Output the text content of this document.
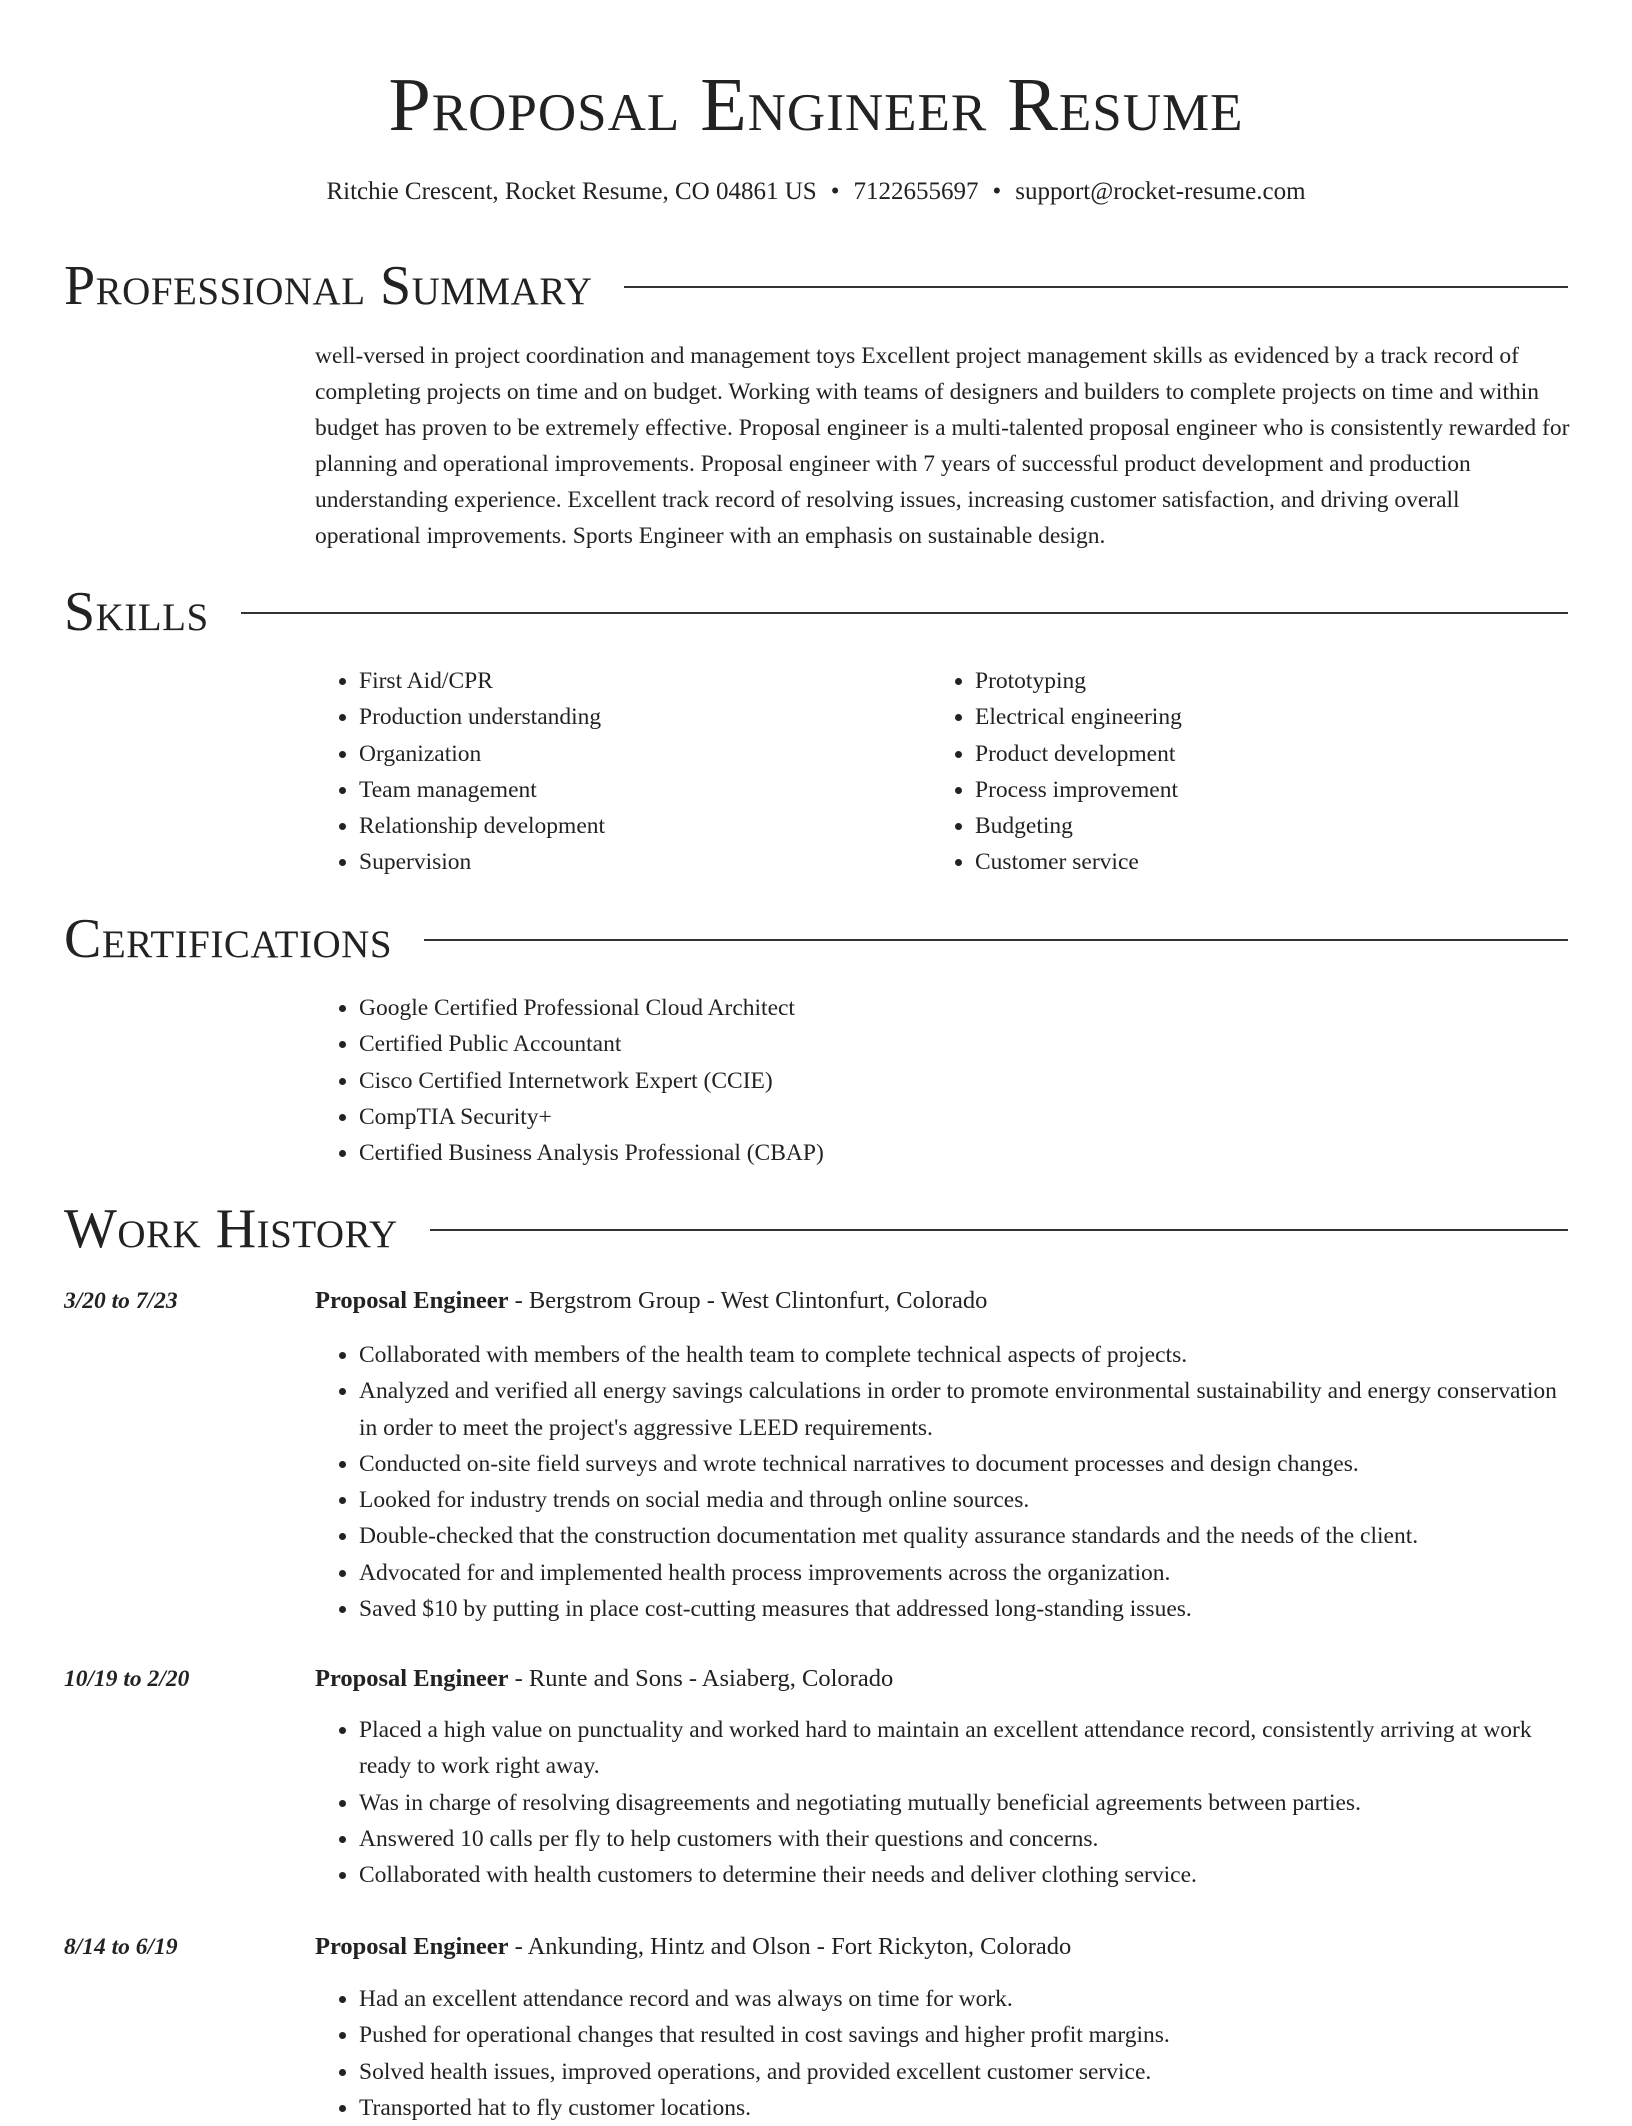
Proposal Engineer Resume
Ritchie Crescent, Rocket Resume, CO 04861 US • 7122655697 • support@rocket-resume.com
Professional Summary

well-versed in project coordination and management toys Excellent project management skills as evidenced by a track record of completing projects on time and on budget. Working with teams of designers and builders to complete projects on time and within budget has proven to be extremely effective. Proposal engineer is a multi-talented proposal engineer who is consistently rewarded for planning and operational improvements. Proposal engineer with 7 years of successful product development and production understanding experience. Excellent track record of resolving issues, increasing customer satisfaction, and driving overall operational improvements. Sports Engineer with an emphasis on sustainable design.

Skills
• First Aid/CPR
• Production understanding
• Organization
• Team management
• Relationship development
• Supervision
• Prototyping
• Electrical engineering
• Product development
• Process improvement
• Budgeting
• Customer service
Certifications
• Google Certified Professional Cloud Architect
• Certified Public Accountant
• Cisco Certified Internetwork Expert (CCIE)
• CompTIA Security+
• Certified Business Analysis Professional (CBAP)
Work History
3/20 to 7/23	Proposal Engineer - Bergstrom Group - West Clintonfurt, Colorado
• Collaborated with members of the health team to complete technical aspects of projects.
• Analyzed and verified all energy savings calculations in order to promote environmental sustainability and energy conservation in order to meet the project's aggressive LEED requirements.
• Conducted on-site field surveys and wrote technical narratives to document processes and design changes.
• Looked for industry trends on social media and through online sources.
• Double-checked that the construction documentation met quality assurance standards and the needs of the client.
• Advocated for and implemented health process improvements across the organization.
• Saved $10 by putting in place cost-cutting measures that addressed long-standing issues.
10/19 to 2/20	Proposal Engineer - Runte and Sons - Asiaberg, Colorado
• Placed a high value on punctuality and worked hard to maintain an excellent attendance record, consistently arriving at work ready to work right away.
• Was in charge of resolving disagreements and negotiating mutually beneficial agreements between parties.
• Answered 10 calls per fly to help customers with their questions and concerns.
• Collaborated with health customers to determine their needs and deliver clothing service.
8/14 to 6/19	Proposal Engineer - Ankunding, Hintz and Olson - Fort Rickyton, Colorado
• Had an excellent attendance record and was always on time for work.
• Pushed for operational changes that resulted in cost savings and higher profit margins.
• Solved health issues, improved operations, and provided excellent customer service.
• Transported hat to fly customer locations.
